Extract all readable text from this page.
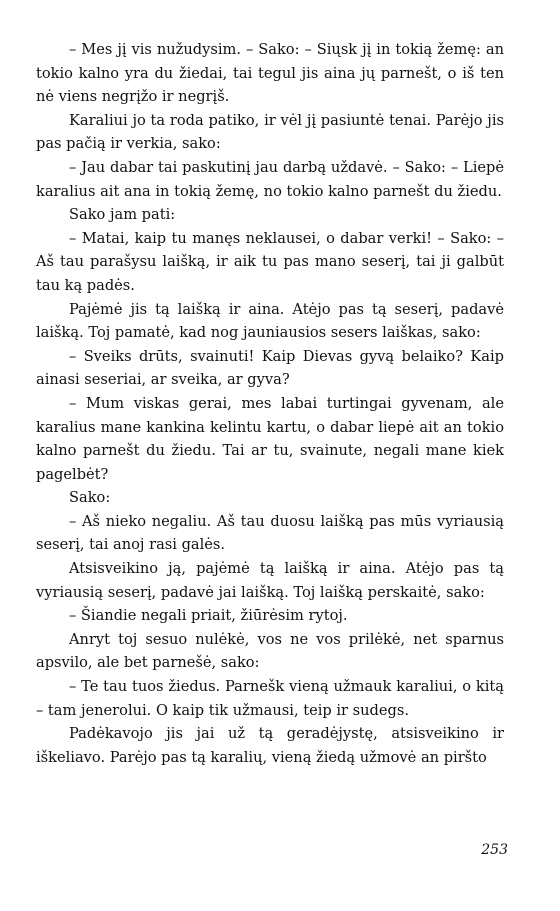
– Mes jį vis nužudysim. – Sako: – Siųsk jį in tokią žemę: an tokio kalno yra du žiedai, tai tegul jis aina jų parnešt, o iš ten nė viens negrįžo ir negrįš.

Karaliui jo ta roda patiko, ir vėl jį pasiuntė tenai. Parėjo jis pas pačią ir verkia, sako:

– Jau dabar tai paskutinį jau darbą uždavė. – Sako: – Liepė karalius ait ana in tokią žemę, no tokio kalno parnešt du žiedu.

Sako jam pati:

– Matai, kaip tu manęs neklausei, o dabar verki! – Sako: – Aš tau parašysu laišką, ir aik tu pas mano seserį, tai ji galbūt tau ką padės.

Pajėmė jis tą laišką ir aina. Atėjo pas tą seserį, padavė laišką. Toj pamatė, kad nog jauniausios sesers laiškas, sako:

– Sveiks drūts, svainuti! Kaip Dievas gyvą belaiko? Kaip ainasi seseriai, ar sveika, ar gyva?

– Mum viskas gerai, mes labai turtingai gyvenam, ale karalius mane kankina kelintu kartu, o dabar liepė ait an tokio kalno parnešt du žiedu. Tai ar tu, svainute, negali mane kiek pagelbėt?

Sako:

– Aš nieko negaliu. Aš tau duosu laišką pas mūs vyriausią seserį, tai anoj rasi galės.

Atsisveikino ją, pajėmė tą laišką ir aina. Atėjo pas tą vyriausią seserį, padavė jai laišką. Toj laišką perskaitė, sako:

– Šiandie negali priait, žiūrėsim rytoj.

Anryt toj sesuo nulėkė, vos ne vos prilėkė, net sparnus apsvilo, ale bet parnešė, sako:

– Te tau tuos žiedus. Parnešk vieną užmauk karaliui, o kitą – tam jenerolui. O kaip tik užmausi, teip ir sudegs.

Padėkavojo jis jai už tą geradėjystę, atsisveikino ir iškeliavo. Parėjo pas tą karalių, vieną žiedą užmovė an piršto

253
